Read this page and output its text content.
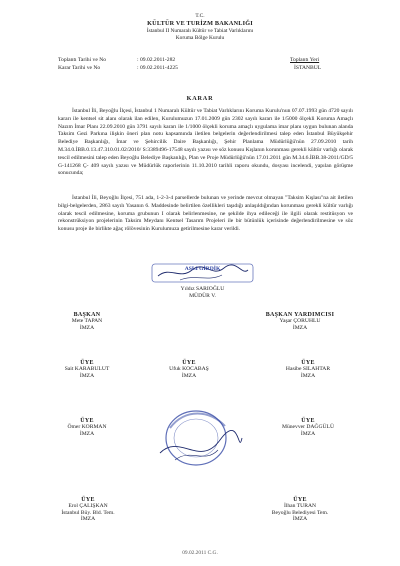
T.C.
KÜLTÜR VE TURİZM BAKANLIĞI
İstanbul II Numaralı Kültür ve Tabiat Varlıklarını
Koruma Bölge Kurulu
Toplantı Tarihi ve No	: 09.02.2011-282
Karar Tarihi ve No	: 09.02.2011-4225
Toplantı Yeri
İSTANBUL
KARAR
İstanbul İli, Beyoğlu İlçesi, İstanbul 1 Numaralı Kültür ve Tabiat Varlıklarını Koruma Kurulu'nun 07.07.1993 gün 4720 sayılı kararı ile kentsel sit alanı olarak ilan edilen, Kurulumuzun 17.01.2009 gün 2302 sayılı kararı ile 1/5000 ölçekli Koruma Amaçlı Nazım İmar Planı 22.09.2010 gün 3791 sayılı kararı ile 1/1000 ölçekli koruma amaçlı uygulama imar planı uygun bulunan alanda Taksim Gezi Parkına ilişkin öneri plan notu kapsamında iletilen belgelerin değerlendirilmesi talep eden İstanbul Büyükşehir Belediye Başkanlığı, İmar ve Şehircilik Daire Başkanlığı, Şehir Planlama Müdürlüğü'nün 27.09.2010 tarih M.34.0.İBB.0.13.47.310.01.02/2010/ S:3389496-17548 sayılı yazısı ve söz konusu Kışlanın korunması gerekli kültür varlığı olarak tescil edilmesini talep eden Beyoğlu Belediye Başkanlığı, Plan ve Proje Müdürlüğü'nün 17.01.2011 gün M.34.6.İBB.38-2011/GD/5 G-141268 Ç- 409 sayılı yazısı ve Müdürlük raporlerinin 11.10.2010 tarihli raporu okundu, dosyası incelendi, yapılan görüşme sonucunda;
İstanbul İli, Beyoğlu İlçesi, 751 ada, 1-2-3-4 parsellerde bulunan ve yerinde mevcut olmayan "Taksim Kışlası"na ait iletilen bilgi-belgelerden, 2863 sayılı Yasanın 6. Maddesinde belirtilen özellikleri taşıdığı anlaşıldığından korunması gerekli kültür varlığı olarak tescil edilmesine, koruma grubunun I olarak belirlenmesine, ne şekilde ihya edileceği ile ilgili olarak restitüsyon ve rekonstrüksiyon projelerinin Taksim Meydanı Kentsel Tasarım Projeleri ile bir bütünlük içerisinde değerlendirilmesine ve söz konusu proje ile birlikte ağaç rölövesinin Kurulumuza getirilmesine karar verildi.
ASLI GİRDİK
Yıldız SARIOĞLU
MÜDÜR V.
BAŞKAN
Mete TAPAN
İMZA
BAŞKAN YARDIMCISI
Yaşar ÇORUHLU
İMZA
ÜYE
Sait KARABULUT
İMZA
ÜYE
Ufuk KOCABAŞ
İMZA
ÜYE
Hasibe SILAHTAR
İMZA
ÜYE
Ömer KORMAN
İMZA
ÜYE
Münevver DAĞGÜLÜ
İMZA
ÜYE
Erol ÇALIŞKAN
İstanbul Büy. Bld. Tem.
İMZA
ÜYE
İlhan TURAN
Beyoğlu Belediyesi Tem.
İMZA
09.02.2011 C.G.
